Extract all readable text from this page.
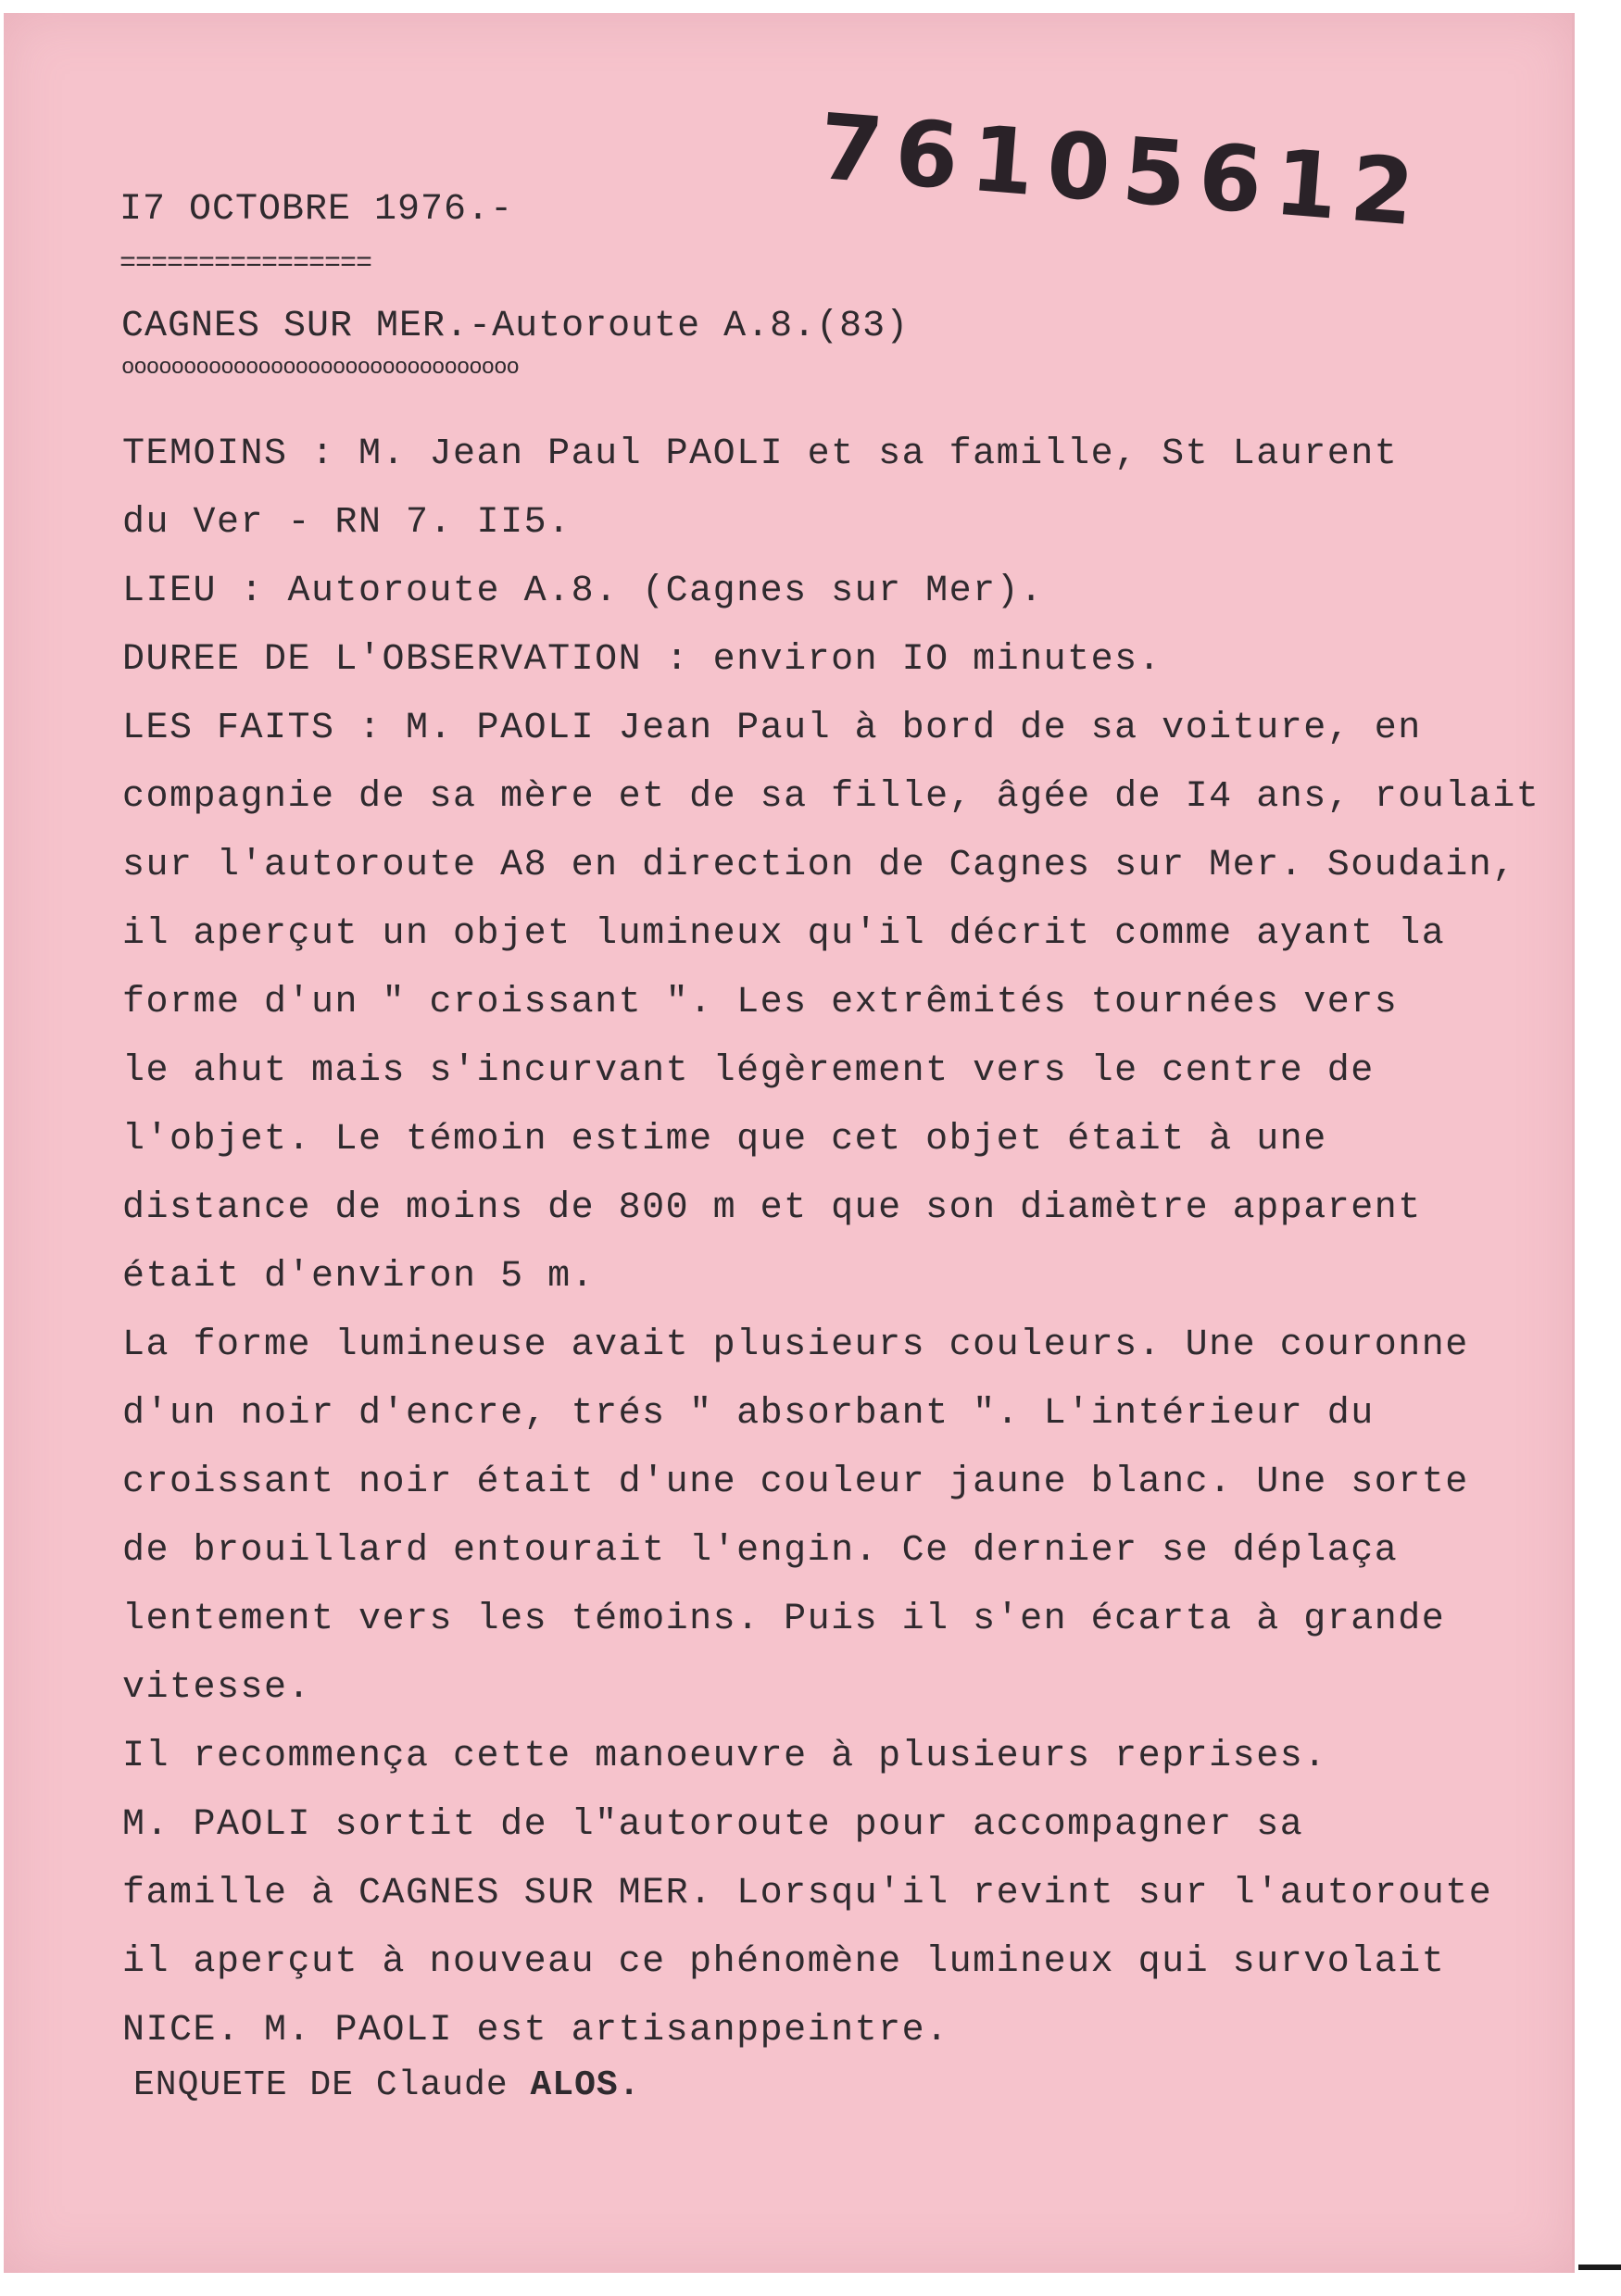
76105612
I7 OCTOBRE 1976.-
================
CAGNES SUR MER.-Autoroute A.8.(83)
oooooooooooooooooooooooooooooooo
TEMOINS : M. Jean Paul PAOLI et sa famille, St Laurent
du Ver - RN 7. II5.
LIEU : Autoroute A.8. (Cagnes sur Mer).
DUREE DE L'OBSERVATION : environ IO minutes.
LES FAITS : M. PAOLI Jean Paul à bord de sa voiture, en
compagnie de sa mère et de sa fille, âgée de I4 ans, roulait
sur l'autoroute A8 en direction de Cagnes sur Mer. Soudain,
il aperçut un objet lumineux qu'il décrit comme ayant la
forme d'un " croissant ". Les extrêmités tournées vers
le ahut mais s'incurvant légèrement vers le centre de
l'objet. Le témoin estime que cet objet était à une
distance de moins de 800 m et que son diamètre apparent
était d'environ 5 m.
La forme lumineuse avait plusieurs couleurs. Une couronne
d'un noir d'encre, trés " absorbant ". L'intérieur du
croissant noir était d'une couleur jaune blanc. Une sorte
de brouillard entourait l'engin. Ce dernier se déplaça
lentement vers les témoins. Puis il s'en écarta à grande
vitesse.
Il recommença cette manoeuvre à plusieurs reprises.
M. PAOLI sortit de l"autoroute pour accompagner sa
famille à CAGNES SUR MER. Lorsqu'il revint sur l'autoroute
il aperçut à nouveau ce phénomène lumineux qui survolait
NICE. M. PAOLI est artisanppeintre.
ENQUETE DE Claude ALOS.
